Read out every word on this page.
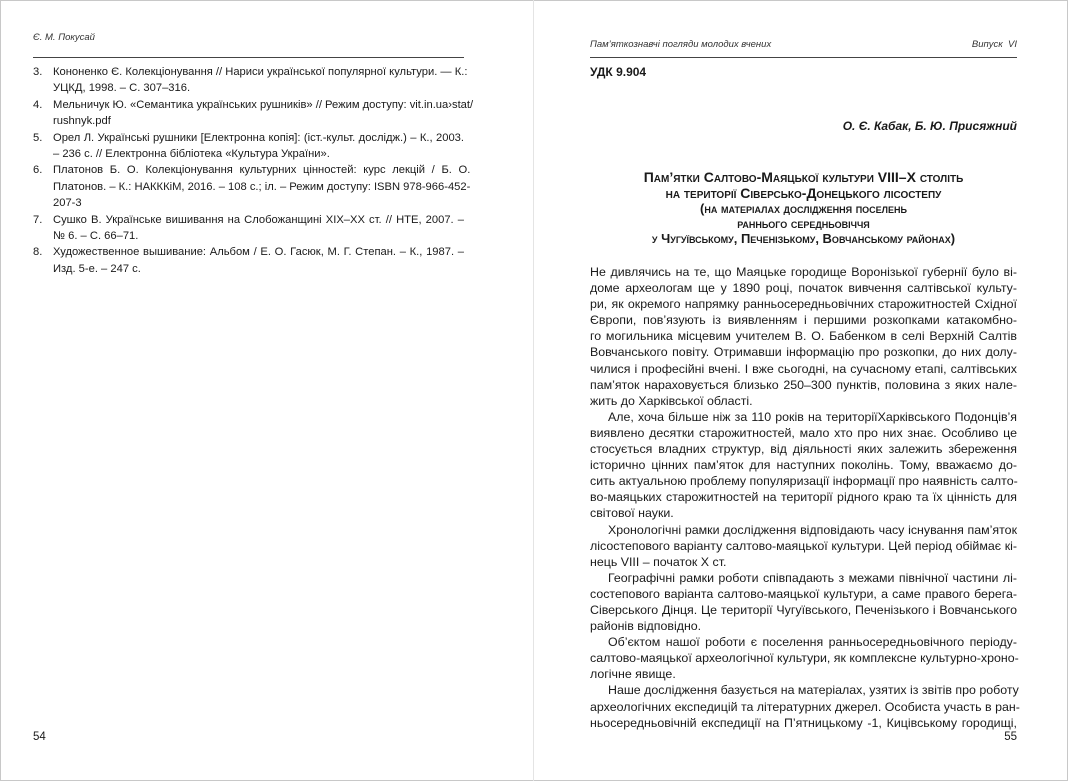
Є. М. Покусай
3. Кононенко Є. Колекціонування // Нариси української популярної культури. — К.:
УЦКД, 1998. – С. 307–316.
4. Мельничук Ю. «Семантика українських рушників» // Режим доступу: vit.in.ua›stat/
rushnyk.pdf
5. Орел Л. Українські рушники [Електронна копія]: (іст.-культ. дослідж.) – К., 2003.
– 236 с. // Електронна бібліотека «Культура України».
6. Платонов Б. О. Колекціонування культурних цінностей: курс лекцій / Б. О.
Платонов. – К.: НАКККіМ, 2016. – 108 с.; іл. – Режим доступу: ISBN 978-966-452-
207-3
7. Сушко В. Українське вишивання на Слобожанщині XIX–XX ст. // НТЕ, 2007. –
№ 6. – С. 66–71.
8. Художественное вышивание: Альбом / Е. О. Гасюк, М. Г. Степан. – К., 1987. –
Изд. 5-е. – 247 с.
54
Пам’яткознавчі погляди молодих вчених	Випуск  VI
УДК 9.904
О. Є. Кабак, Б. Ю. Присяжний
Пам’ятки Салтово-Маяцької культури VIII–X століть
на території Сіверсько-Донецького лісостепу
(на матеріалах дослідження поселень
раннього середньовіччя
у Чугуївському, Печенізькому, Вовчанському районах)
Не дивлячись на те, що Маяцьке городище Воронізької губернії було ві-
доме археологам ще у 1890 році, початок вивчення салтівської культу-
ри, як окремого напрямку ранньосередньовічних старожитностей Східної
Європи, пов’язують із виявленням і першими розкопками катакомбно-
го могильника місцевим учителем В. О. Бабенком в селі Верхній Салтів
Вовчанського повіту. Отримавши інформацію про розкопки, до них долу-
чилися і професійні вчені. І вже сьогодні, на сучасному етапі, салтівських
пам’яток нараховується близько 250–300 пунктів, половина з яких нале-
жить до Харківської області.
Але, хоча більше ніж за 110 років на територіїХарківського Подонців’я
виявлено десятки старожитностей, мало хто про них знає. Особливо це
стосується владних структур, від діяльності яких залежить збереження
історично цінних пам’яток для наступних поколінь. Тому, вважаємо до-
сить актуальною проблему популяризації інформації про наявність салто-
во-маяцьких старожитностей на території рідного краю та їх цінність для
світової науки.
Хронологічні рамки дослідження відповідають часу існування пам’яток
лісостепового варіанту салтово-маяцької культури. Цей період обіймає кі-
нець VIII – початок X ст.
Географічні рамки роботи співпадають з межами північної частини лі-
состепового варіанта салтово-маяцької культури, а саме правого берега-
Сіверського Дінця. Це території Чугуївського, Печенізького і Вовчанського
районів відповідно.
Об’єктом нашої роботи є поселення ранньосередньовічного періоду-
салтово-маяцької археологічної культури, як комплексне культурно-хроно-
логічне явище.
Наше дослідження базується на матеріалах, узятих із звітів про роботу
археологічних експедицій та літературних джерел. Особиста участь в ран-
ньосередньовічній експедиції на П’ятницькому -1, Кицівському городищі,
55
